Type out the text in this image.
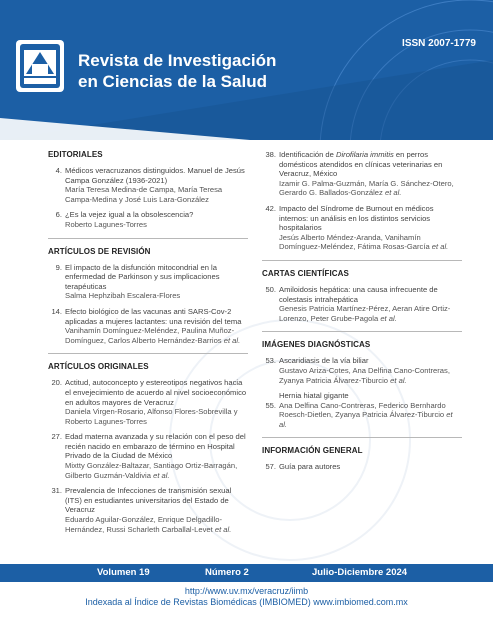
Revista de Investigación
en Ciencias de la Salud
ISSN 2007-1779
EDITORIALES
4. Médicos veracruzanos distinguidos. Manuel de Jesús Campa González (1936-2021)
María Teresa Medina-de Campa, María Teresa Campa-Medina y José Luis Lara-González
6. ¿Es la vejez igual a la obsolescencia?
Roberto Lagunes-Torres
ARTÍCULOS DE REVISIÓN
9. El impacto de la disfunción mitocondrial en la enfermedad de Parkinson y sus implicaciones terapéuticas
Salma Hephzibah Escalera-Flores
14. Efecto biológico de las vacunas anti SARS-Cov-2 aplicadas a mujeres lactantes: una revisión del tema
Vanihamín Domínguez-Meléndez, Paulina Muñoz-Domínguez, Carlos Alberto Hernández-Barrios et al.
ARTÍCULOS ORIGINALES
20. Actitud, autoconcepto y estereotipos negativos hacia el envejecimiento de acuerdo al nivel socioeconómico en adultos mayores de Veracruz
Daniela Virgen-Rosario, Alfonso Flores-Sobrevilla y Roberto Lagunes-Torres
27. Edad materna avanzada y su relación con el peso del recién nacido en embarazo de término en Hospital Privado de la Ciudad de México
Mixtty González-Baltazar, Santiago Ortiz-Barragán, Gilberto Guzmán-Valdivia et al.
31. Prevalencia de Infecciones de transmisión sexual (ITS) en estudiantes universitarios del Estado de Veracruz
Eduardo Aguilar-González, Enrique Delgadillo-Hernández, Russi Scharleth Carballal-Levet et al.
38. Identificación de Dirofilaria immitis en perros domésticos atendidos en clínicas veterinarias en Veracruz, México
Izamir G. Palma-Guzmán, María G. Sánchez-Otero, Gerardo G. Ballados-González et al.
42. Impacto del Síndrome de Burnout en médicos internos: un análisis en los distintos servicios hospitalarios
Jesús Alberto Méndez-Aranda, Vanihamín Domínguez-Meléndez, Fátima Rosas-García et al.
CARTAS CIENTÍFICAS
50. Amiloidosis hepática: una causa infrecuente de colestasis intrahepática
Genesis Patricia Martínez-Pérez, Aeran Atire Ortiz-Lorenzo, Peter Grube-Pagola et al.
IMÁGENES DIAGNÓSTICAS
53. Ascaridiasis de la vía biliar
Gustavo Ariza-Cotes, Ana Delfina Cano-Contreras, Zyanya Patricia Álvarez-Tiburcio et al.
Hernia hiatal gigante
55. Ana Delfina Cano-Contreras, Federico Bernhardo Roesch-Dietlen, Zyanya Patricia Álvarez-Tiburcio et al.
INFORMACIÓN GENERAL
57. Guía para autores
Volumen 19	Número 2	Julio-Diciembre 2024
http://www.uv.mx/veracruz/iimb
Indexada al Índice de Revistas Biomédicas (IMBIOMED) www.imbiomed.com.mx
